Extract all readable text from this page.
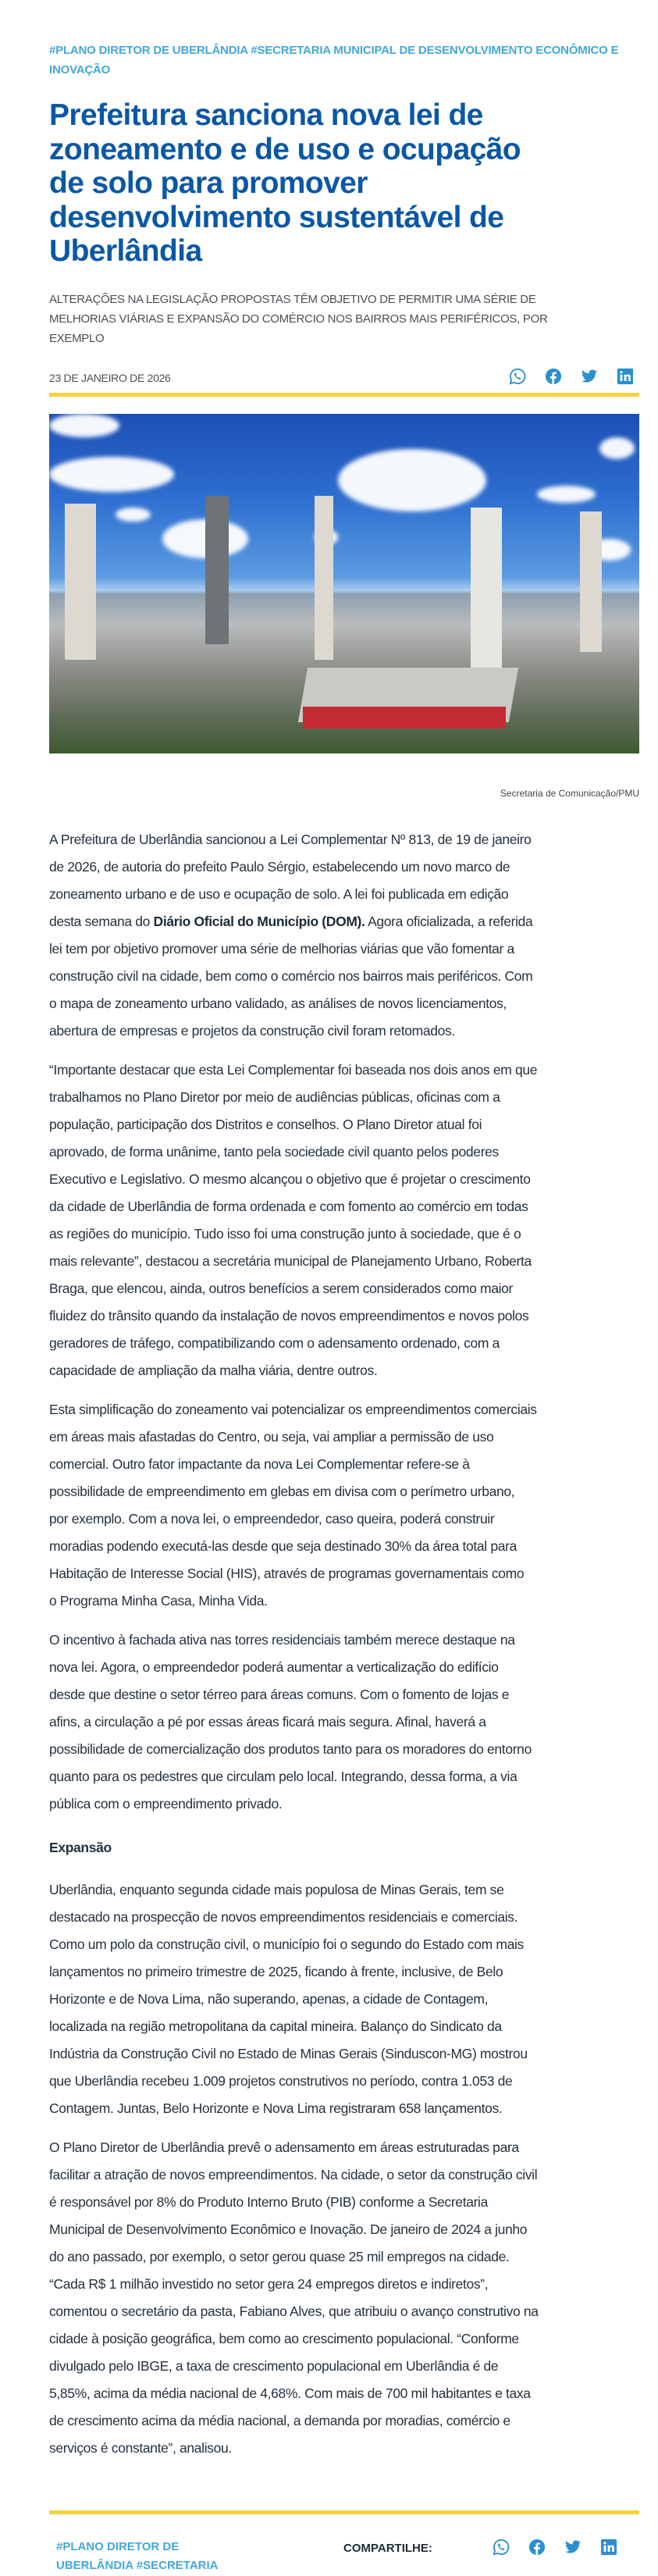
#PLANO DIRETOR DE UBERLÂNDIA #SECRETARIA MUNICIPAL DE DESENVOLVIMENTO ECONÔMICO E INOVAÇÃO
Prefeitura sanciona nova lei de
zoneamento e de uso e ocupação
de solo para promover
desenvolvimento sustentável de
Uberlândia
ALTERAÇÕES NA LEGISLAÇÃO PROPOSTAS TÊM OBJETIVO DE PERMITIR UMA SÉRIE DE
MELHORIAS VIÁRIAS E EXPANSÃO DO COMÉRCIO NOS BAIRROS MAIS PERIFÉRICOS, POR
EXEMPLO
23 DE JANEIRO DE 2026
Secretaria de Comunicação/PMU
A Prefeitura de Uberlândia sancionou a Lei Complementar Nº 813, de 19 de janeiro
de 2026, de autoria do prefeito Paulo Sérgio, estabelecendo um novo marco de
zoneamento urbano e de uso e ocupação de solo. A lei foi publicada em edição
desta semana do Diário Oficial do Município (DOM). Agora oficializada, a referida
lei tem por objetivo promover uma série de melhorias viárias que vão fomentar a
construção civil na cidade, bem como o comércio nos bairros mais periféricos. Com
o mapa de zoneamento urbano validado, as análises de novos licenciamentos,
abertura de empresas e projetos da construção civil foram retomados.
“Importante destacar que esta Lei Complementar foi baseada nos dois anos em que
trabalhamos no Plano Diretor por meio de audiências públicas, oficinas com a
população, participação dos Distritos e conselhos. O Plano Diretor atual foi
aprovado, de forma unânime, tanto pela sociedade civil quanto pelos poderes
Executivo e Legislativo. O mesmo alcançou o objetivo que é projetar o crescimento
da cidade de Uberlândia de forma ordenada e com fomento ao comércio em todas
as regiões do município. Tudo isso foi uma construção junto à sociedade, que é o
mais relevante”, destacou a secretária municipal de Planejamento Urbano, Roberta
Braga, que elencou, ainda, outros benefícios a serem considerados como maior
fluidez do trânsito quando da instalação de novos empreendimentos e novos polos
geradores de tráfego, compatibilizando com o adensamento ordenado, com a
capacidade de ampliação da malha viária, dentre outros.
Esta simplificação do zoneamento vai potencializar os empreendimentos comerciais
em áreas mais afastadas do Centro, ou seja, vai ampliar a permissão de uso
comercial. Outro fator impactante da nova Lei Complementar refere-se à
possibilidade de empreendimento em glebas em divisa com o perímetro urbano,
por exemplo. Com a nova lei, o empreendedor, caso queira, poderá construir
moradias podendo executá-las desde que seja destinado 30% da área total para
Habitação de Interesse Social (HIS), através de programas governamentais como
o Programa Minha Casa, Minha Vida.
O incentivo à fachada ativa nas torres residenciais também merece destaque na
nova lei. Agora, o empreendedor poderá aumentar a verticalização do edifício
desde que destine o setor térreo para áreas comuns. Com o fomento de lojas e
afins, a circulação a pé por essas áreas ficará mais segura. Afinal, haverá a
possibilidade de comercialização dos produtos tanto para os moradores do entorno
quanto para os pedestres que circulam pelo local. Integrando, dessa forma, a via
pública com o empreendimento privado.
Expansão
Uberlândia, enquanto segunda cidade mais populosa de Minas Gerais, tem se
destacado na prospecção de novos empreendimentos residenciais e comerciais.
Como um polo da construção civil, o município foi o segundo do Estado com mais
lançamentos no primeiro trimestre de 2025, ficando à frente, inclusive, de Belo
Horizonte e de Nova Lima, não superando, apenas, a cidade de Contagem,
localizada na região metropolitana da capital mineira. Balanço do Sindicato da
Indústria da Construção Civil no Estado de Minas Gerais (Sinduscon-MG) mostrou
que Uberlândia recebeu 1.009 projetos construtivos no período, contra 1.053 de
Contagem. Juntas, Belo Horizonte e Nova Lima registraram 658 lançamentos.
O Plano Diretor de Uberlândia prevê o adensamento em áreas estruturadas para
facilitar a atração de novos empreendimentos. Na cidade, o setor da construção civil
é responsável por 8% do Produto Interno Bruto (PIB) conforme a Secretaria
Municipal de Desenvolvimento Econômico e Inovação. De janeiro de 2024 a junho
do ano passado, por exemplo, o setor gerou quase 25 mil empregos na cidade.
“Cada R$ 1 milhão investido no setor gera 24 empregos diretos e indiretos”,
comentou o secretário da pasta, Fabiano Alves, que atribuiu o avanço construtivo na
cidade à posição geográfica, bem como ao crescimento populacional. “Conforme
divulgado pelo IBGE, a taxa de crescimento populacional em Uberlândia é de
5,85%, acima da média nacional de 4,68%. Com mais de 700 mil habitantes e taxa
de crescimento acima da média nacional, a demanda por moradias, comércio e
serviços é constante”, analisou.
#PLANO DIRETOR DE UBERLÂNDIA #SECRETARIA
COMPARTILHE:
